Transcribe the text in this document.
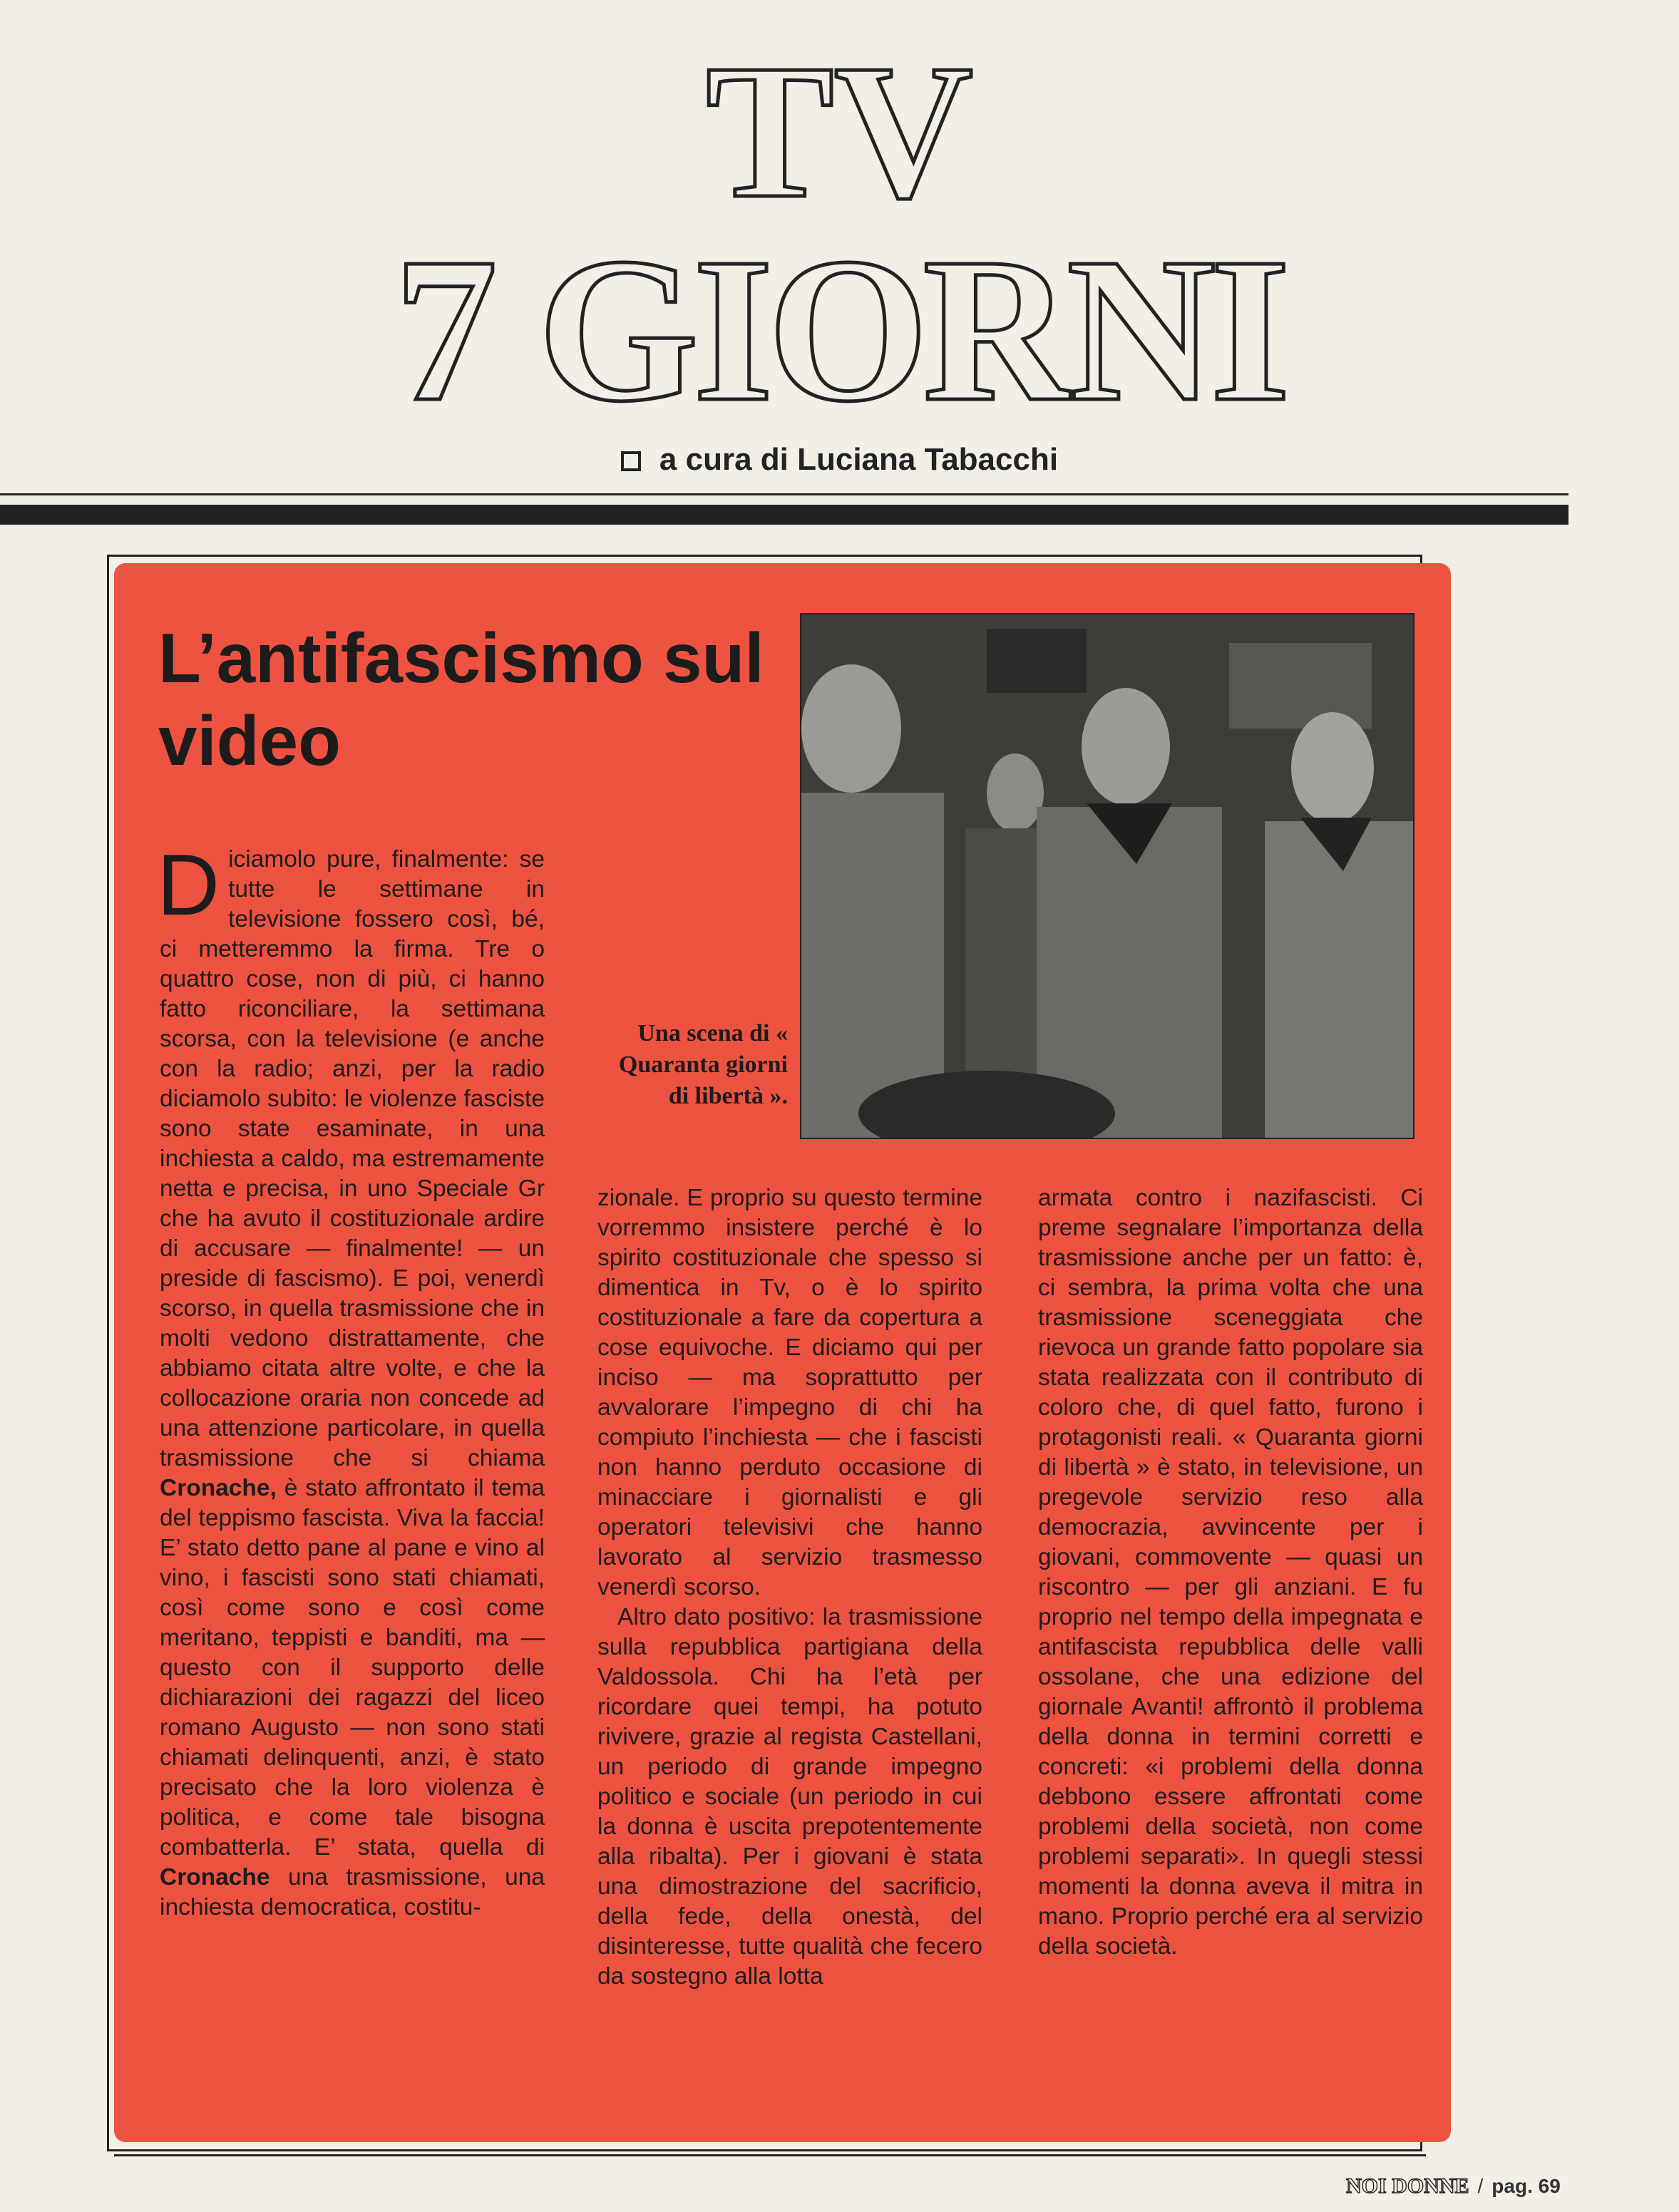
TV
7 GIORNI
a cura di Luciana Tabacchi
L’antifascismo sul video
Una scena di « Quaranta giorni di libertà ».

Diciamolo pure, finalmente: se tutte le settimane in televisione fossero così, bé, ci metteremmo la firma. Tre o quattro cose, non di più, ci hanno fatto riconciliare, la settimana scorsa, con la televisione (e anche con la radio; anzi, per la radio diciamolo subito: le violenze fasciste sono state esaminate, in una inchiesta a caldo, ma estremamente netta e precisa, in uno Speciale Gr che ha avuto il costituzionale ardire di accusare — finalmente! — un preside di fascismo). E poi, venerdì scorso, in quella trasmissione che in molti vedono distrattamente, che abbiamo citata altre volte, e che la collocazione oraria non concede ad una attenzione particolare, in quella trasmissione che si chiama Cronache, è stato affrontato il tema del teppismo fascista. Viva la faccia! E’ stato detto pane al pane e vino al vino, i fascisti sono stati chiamati, così come sono e così come meritano, teppisti e banditi, ma — questo con il supporto delle dichiarazioni dei ragazzi del liceo romano Augusto — non sono stati chiamati delinquenti, anzi, è stato precisato che la loro violenza è politica, e come tale bisogna combatterla. E’ stata, quella di Cronache una trasmissione, una inchiesta democratica, costitu-

zionale. E proprio su questo termine vorremmo insistere perché è lo spirito costituzionale che spesso si dimentica in Tv, o è lo spirito costituzionale a fare da copertura a cose equivoche. E diciamo qui per inciso — ma soprattutto per avvalorare l’impegno di chi ha compiuto l’inchiesta — che i fascisti non hanno perduto occasione di minacciare i giornalisti e gli operatori televisivi che hanno lavorato al servizio trasmesso venerdì scorso.

Altro dato positivo: la trasmissione sulla repubblica partigiana della Valdossola. Chi ha l’età per ricordare quei tempi, ha potuto rivivere, grazie al regista Castellani, un periodo di grande impegno politico e sociale (un periodo in cui la donna è uscita prepotentemente alla ribalta). Per i giovani è stata una dimostrazione del sacrificio, della fede, della onestà, del disinteresse, tutte qualità che fecero da sostegno alla lotta

armata contro i nazifascisti. Ci preme segnalare l’importanza della trasmissione anche per un fatto: è, ci sembra, la prima volta che una trasmissione sceneggiata che rievoca un grande fatto popolare sia stata realizzata con il contributo di coloro che, di quel fatto, furono i protagonisti reali. « Quaranta giorni di libertà » è stato, in televisione, un pregevole servizio reso alla democrazia, avvincente per i giovani, commovente — quasi un riscontro — per gli anziani. E fu proprio nel tempo della impegnata e antifascista repubblica delle valli ossolane, che una edizione del giornale Avanti! affrontò il problema della donna in termini corretti e concreti: «i problemi della donna debbono essere affrontati come problemi della società, non come problemi separati». In quegli stessi momenti la donna aveva il mitra in mano. Proprio perché era al servizio della società.

NOI DONNE / pag. 69
